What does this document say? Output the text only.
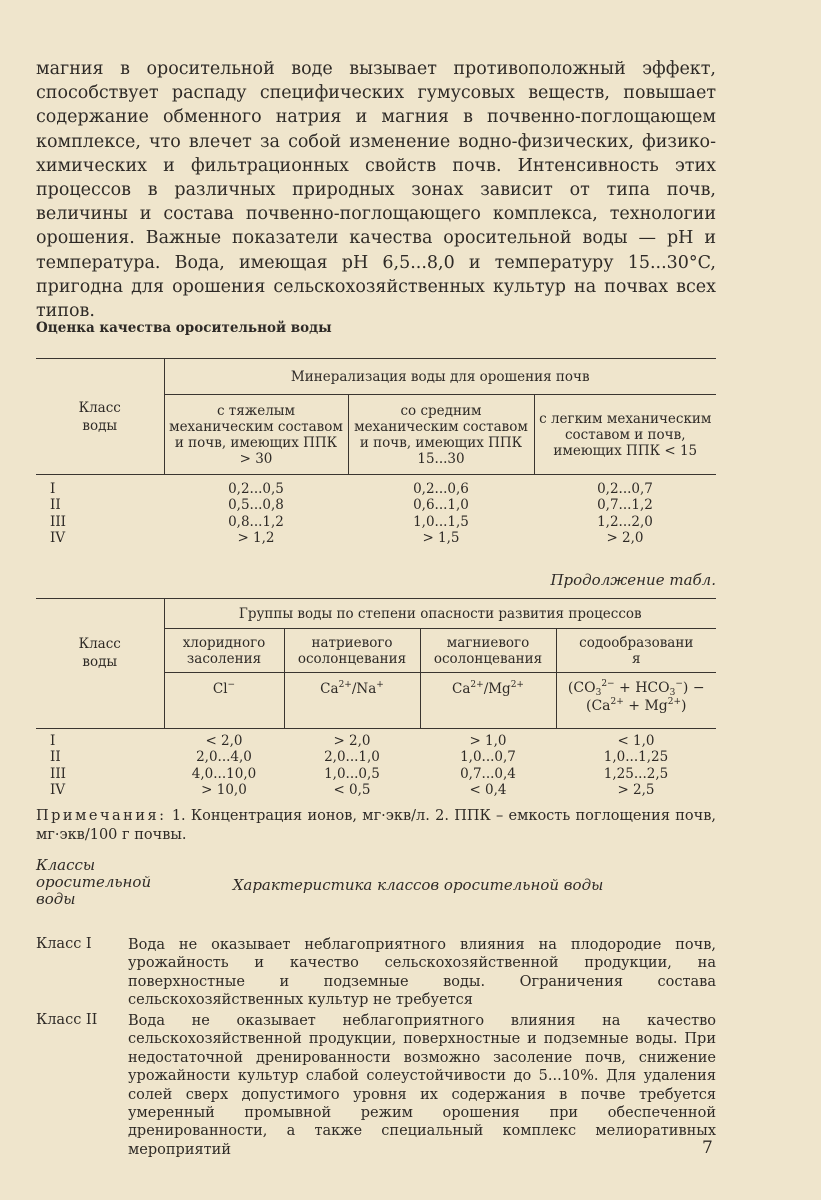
магния в оросительной воде вызывает противоположный эффект, способствует распаду специфических гумусовых веществ, повышает содержание обменного натрия и магния в почвенно-поглощающем комплексе, что влечет за собой изменение водно-физических, физико-химических и фильтрационных свойств почв. Интенсивность этих процессов в различных природных зонах зависит от типа почв, величины и состава почвенно-поглощающего комплекса, технологии орошения. Важные показатели качества оросительной воды — pH и температура. Вода, имеющая pH 6,5...8,0 и температуру 15...30°C, пригодна для орошения сельскохозяйственных культур на почвах всех типов.
Оценка качества оросительной воды
	Минерализация воды для орошения почв		
Класс воды	с тяжелым механическим составом и почв, имеющих ППК > 30	со средним механическим составом и почв, имеющих ППК 15...30	с легким механическим составом и почв, имеющих ППК < 15

I	0,2...0,5	0,2...0,6	0,2...0,7
II	0,5...0,8	0,6...1,0	0,7...1,2
III	0,8...1,2	1,0...1,5	1,2...2,0
IV	> 1,2	> 1,5	> 2,0
Продолжение табл.
	Группы воды по степени опасности развития процессов			
Класс воды	хлоридного засоления	натриевого осолонцевания	магниевого осолонцевания	содообразования
	Cl−	$Ca^{2+}/Na^+$	$Ca^{2+}/Mg^{2+}$	$(CO_3^{2-} + HCO_3^-)$ −
$(Ca^{2+} + Mg^{2+})$

I	< 2,0	> 2,0	> 1,0	< 1,0
II	2,0...4,0	2,0...1,0	1,0...0,7	1,0...1,25
III	4,0...10,0	1,0...0,5	0,7...0,4	1,25...2,5
IV	> 10,0	< 0,5	< 0,4	> 2,5
Примечания: 1. Концентрация ионов, мг·экв/л. 2. ППК – емкость поглощения почв, мг·экв/100 г почвы.
Классы оросительной воды
Характеристика классов оросительной воды
Класс I	Вода не оказывает неблагоприятного влияния на плодородие почв, урожайность и качество сельскохозяйственной продукции, на поверхностные и подземные воды. Ограничения состава сельскохозяйственных культур не требуется
Класс II Вода не оказывает неблагоприятного влияния на качество сельскохозяйственной продукции, поверхностные и подземные воды. При недостаточной дренированности возможно засоление почв, снижение урожайности культур слабой солеустойчивости до 5...10%. Для удаления солей сверх допустимого уровня их содержания в почве требуется умеренный промывной режим орошения при обеспеченной дренированности, а также специальный комплекс мелиоративных мероприятий	7
